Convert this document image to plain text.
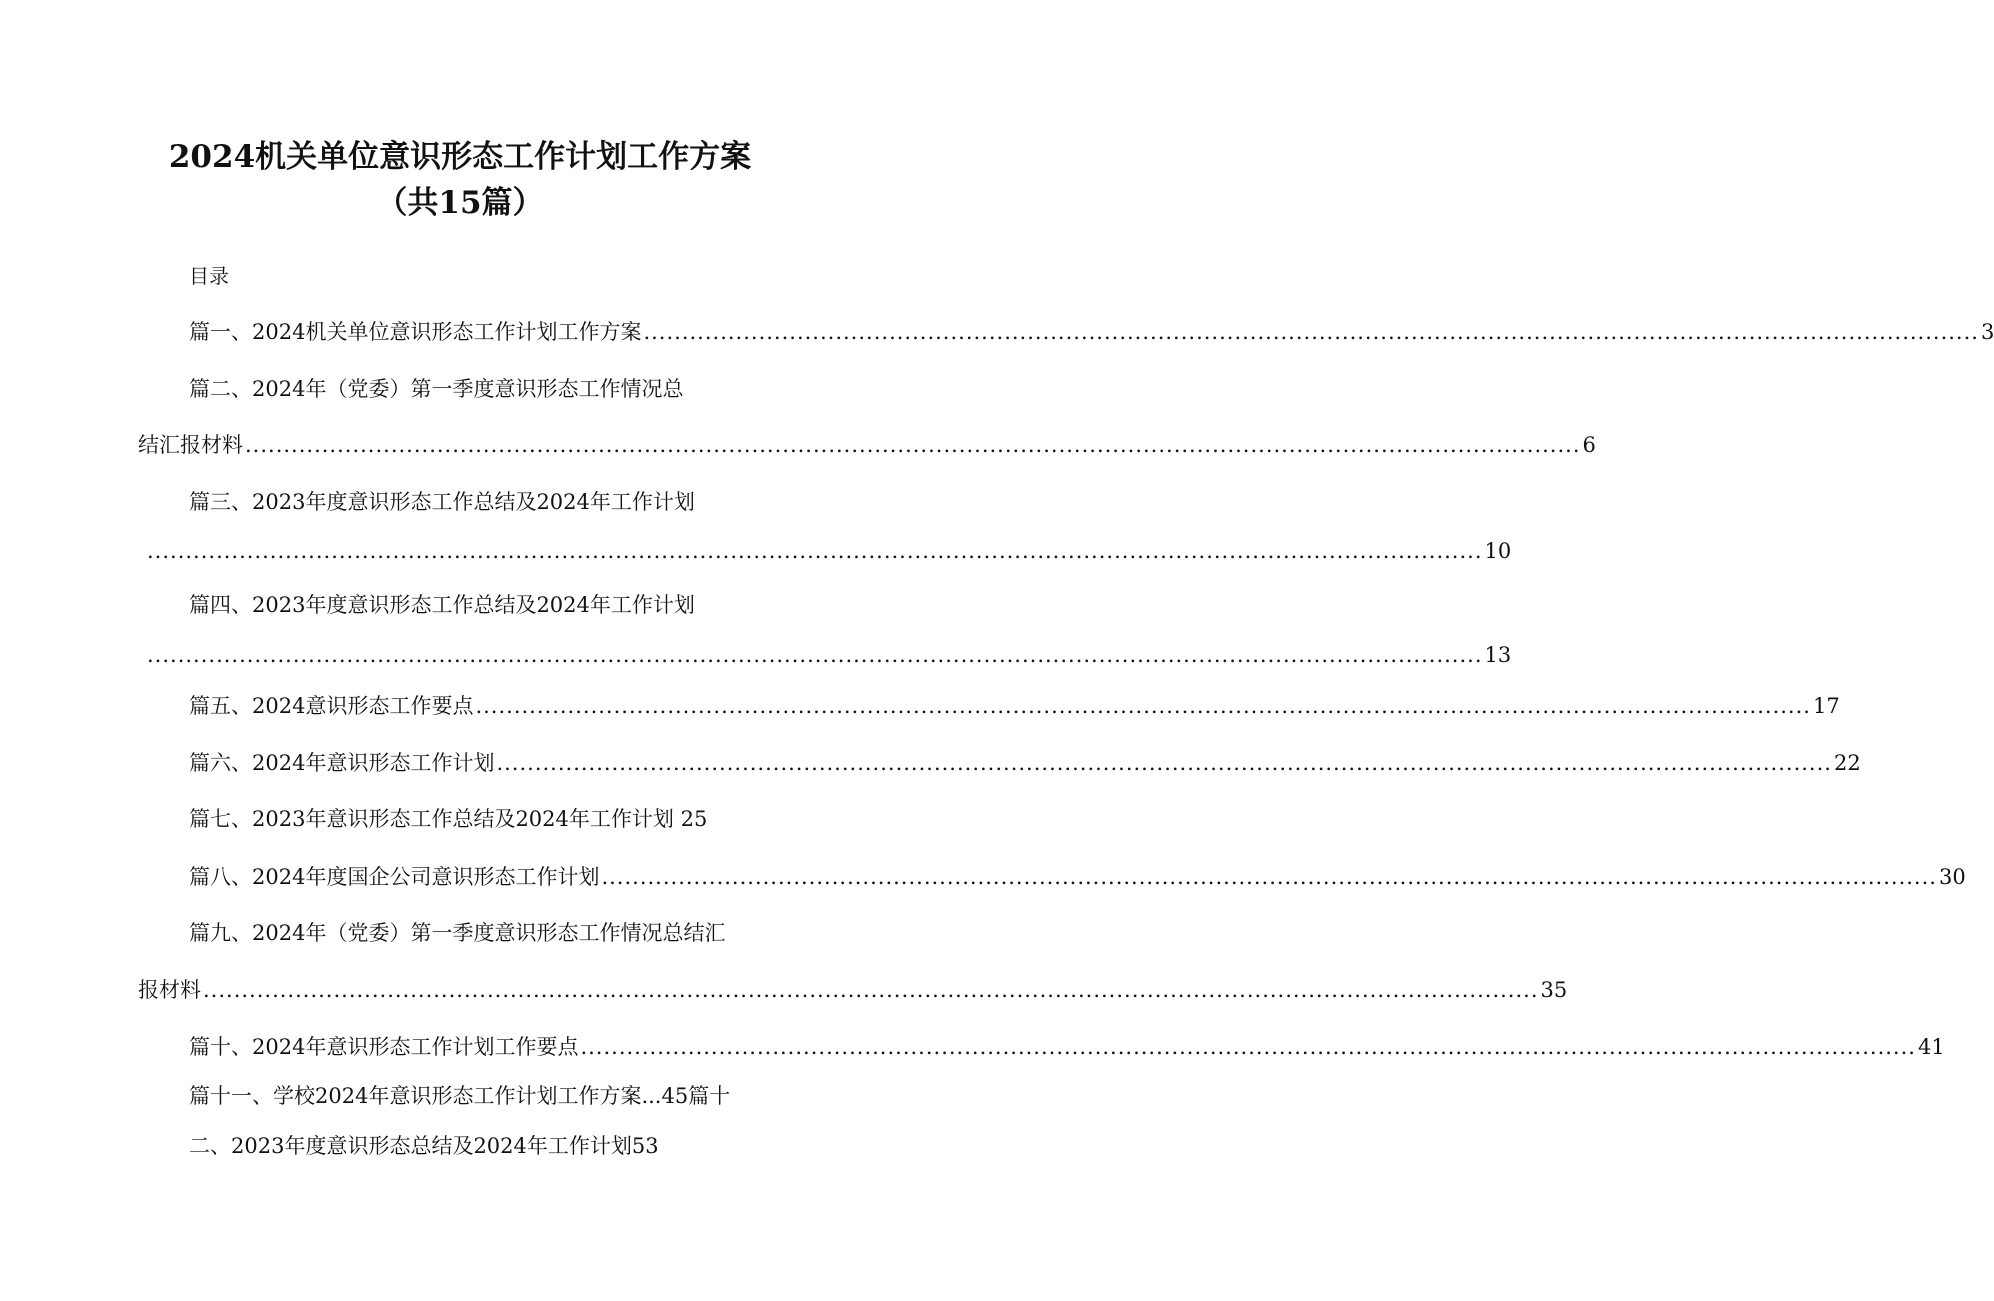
2024机关单位意识形态工作计划工作方案
（共15篇）
目录
篇一、2024机关单位意识形态工作计划工作方案 .............................................................................................................................................................................. 3
篇二、2024年（党委）第一季度意识形态工作情况总
结汇报材料 .............................................................................................................................................................................. 6
篇三、2023年度意识形态工作总结及2024年工作计划
.............................................................................................................................................................................. 10
篇四、2023年度意识形态工作总结及2024年工作计划
.............................................................................................................................................................................. 13
篇五、2024意识形态工作要点 .............................................................................................................................................................................. 17
篇六、2024年意识形态工作计划 .............................................................................................................................................................................. 22
篇七、2023年意识形态工作总结及2024年工作计划 25
篇八、2024年度国企公司意识形态工作计划 .............................................................................................................................................................................. 30
篇九、2024年（党委）第一季度意识形态工作情况总结汇
报材料 .............................................................................................................................................................................. 35
篇十、2024年意识形态工作计划工作要点 .............................................................................................................................................................................. 41
篇十一、学校2024年意识形态工作计划工作方案...45篇十
二、2023年度意识形态总结及2024年工作计划53
